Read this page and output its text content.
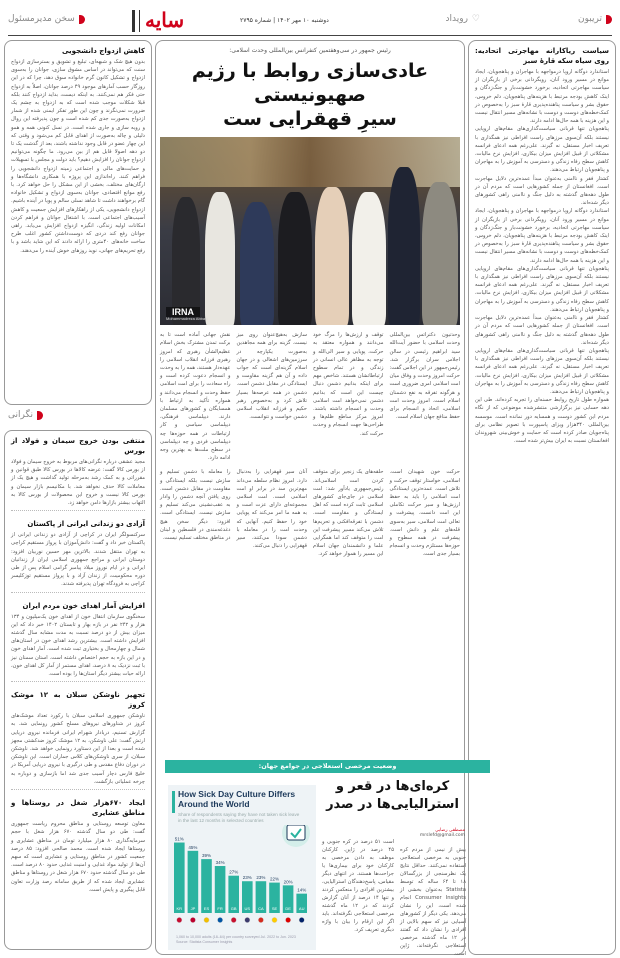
تریبون
♡
رویداد
دوشنبه ۱۰ مهر ۱۴۰۲ | شماره ۲۷۹۵
سایه
سخن مدیرمسئول
سیاست ریاکارانه مهاجرتی اتحادیه: روی سیاه سکه قارهٔ سبز

استاندارد دوگانه اروپا درمواجهه با مهاجران و پناهجویان، ایجاد موانع در مسیر ورود آنان، رویگردانی برخی از بازیگران از سیاست مهاجرتی اتحادیه، برخورد خشونت‌بار و جنگ‌زدگان و اینک کاهش بودجه مرتبط با هزینه‌های پناهجویان، دلم خروس، حقوق بشر و سیاست پناهنده‌پذیری قارهٔ سبز را به‌خصوص در کمک‌خطه‌های دوست و دوست با نشانه‌های مسیر انتقال نیست و این هزینه با همه حال‌ها ادامه دارند.

پناهجویان تنها قربانی سیاست‌گذاری‌های مقام‌های اروپایی نیستند بلکه آن‌سوی مرزهای راست افراطی نیز همگذاری با تعریف اخبار مستقل، نه گیرند. علی‌رغم همه ادعای فرانسه مشکلاتی از قبیل افزایش میزان بیکاری، افزایش نرخ مالیات، کاهش سطح رفاه زندگی و دسترسی به آموزش را به مهاجران و پناهجویان ارتباط می‌دهند.

کشتار فقر و ناامنی به‌عنوان مبدأ عمده‌ترین دلایل مهاجرت است. افغانستان از جمله کشورهایی است که مردم آن در طول دهه‌های گذشته به دلیل جنگ و ناامنی راهی کشورهای دیگر شده‌اند.

استاندارد دوگانه اروپا درمواجهه با مهاجران و پناهجویان، ایجاد موانع در مسیر ورود آنان، رویگردانی برخی از بازیگران از سیاست مهاجرتی اتحادیه، برخورد خشونت‌بار و جنگ‌زدگان و اینک کاهش بودجه مرتبط با هزینه‌های پناهجویان، دلم خروس، حقوق بشر و سیاست پناهنده‌پذیری قارهٔ سبز را به‌خصوص در کمک‌خطه‌های دوست و دوست با نشانه‌های مسیر انتقال نیست و این هزینه با همه حال‌ها ادامه دارند.

پناهجویان تنها قربانی سیاست‌گذاری‌های مقام‌های اروپایی نیستند بلکه آن‌سوی مرزهای راست افراطی نیز همگذاری با تعریف اخبار مستقل، نه گیرند. علی‌رغم همه ادعای فرانسه مشکلاتی از قبیل افزایش میزان بیکاری، افزایش نرخ مالیات، کاهش سطح رفاه زندگی و دسترسی به آموزش را به مهاجران و پناهجویان ارتباط می‌دهند.

کشتار فقر و ناامنی به‌عنوان مبدأ عمده‌ترین دلایل مهاجرت است. افغانستان از جمله کشورهایی است که مردم آن در طول دهه‌های گذشته به دلیل جنگ و ناامنی راهی کشورهای دیگر شده‌اند.

پناهجویان تنها قربانی سیاست‌گذاری‌های مقام‌های اروپایی نیستند بلکه آن‌سوی مرزهای راست افراطی نیز همگذاری با تعریف اخبار مستقل، نه گیرند. علی‌رغم همه ادعای فرانسه مشکلاتی از قبیل افزایش میزان بیکاری، افزایش نرخ مالیات، کاهش سطح رفاه زندگی و دسترسی به آموزش را به مهاجران و پناهجویان ارتباط می‌دهند.

همواره طول تاریخ روابط حسنه‌ای را تجربه کرده‌اند. طی این دهه حسابی نیز برگزارشی منتشرشده موضوعی که از نگاه مردم این کشور دوست و همسایه دور نمانده است. موسسه بین‌المللی ۳۴۰هزار ویزای پاسپورت با تصویر نظامی برای پناه‌جویان صادر کرده است که حمایت و خوش‌بینی شهروندان افغانستان نسبت به ایران بیش‌تر شده است.

رئیس جمهور در سی‌وهفتمین کنفرانس بین‌المللی وحدت اسلامی:
عادی‌سازی روابط با رژیم صهیونیستی
سیرِ قهقرایی ست
IRNA
Mohammadreza Abbasi

وحدتیون دکتراتس بین‌المللی وحدت اسلامی با حضور آیت‌الله سید ابراهیم رئیسی در سالن اجلاس سران برگزار شد. رئیس‌جمهور در این اجلاس گفت: حرکت امروز وحدت و وفاق میان امت اسلامی امری ضروری است و هرگونه تفرقه به نفع دشمنان اسلام است. امروز وحدت امت اسلامی، اتحاد و انسجام برای حفظ منافع جهان اسلام است.

توقف و ارزش‌ها را مرگ خود می‌دانند و همواره معتقد به حرکت، پویایی و سیر الی‌الله و توجه به مظاهر عالی انسانی در زندگی و در تمام سطوح ارتباطاتشان هستند. شاخص مهم برای اینکه بدانیم دشمن دنبال چیست این است که بدانیم دشمن نمی‌خواهد امت اسلامی وحدت و انسجام داشته باشند. امروز مرکز ساطع ظلم‌ها و طراحی‌ها جهت انسجام و وحدت حرکت کند.

سازش به‌هیچ‌عنوان روی میز نیست. گزینه برای همه مجاهدین به‌صورت یکپارچه در سرزمین‌های اشغالی و در جهان اسلام گزینه‌ای است که جواب داده و آن هم گزینه مقاومت و ایستادگی در مقابل دشمن است. دشمن در همه عرصه‌ها بسیار تلاش کرد و به‌خصوص رهبر حکیم و فرزانه انقلاب اسلامی دشمن خواست و نتوانست.

نقش جهانی آماده است تا به برکت تمدن مشترک بخش اسلام عظیم‌الشأن رهبری که امروز رهبری فرزانه انقلاب اسلامی را عهده‌دار هستند، همه را به وحدت و انسجام دعوت کرده است و راه سعادت را برای امت اسلامی حفظ وحدت و انسجام می‌دانند و همواره تأکید به ارتباط با همسایگان و کشورهای مسلمان دارند. دیپلماسی فرهنگی، دیپلماسی سیاسی و کار ارتباطات در همه حوزه‌ها چه دیپلماسی فردی و چه دیپلماسی در سطح ملت‌ها به بهترین وجه ادامه دارد.

حرکت خون شهیدان است. اسلامی، خواستار توقف حرکت و تلاش است. عمده‌ترین ایستادگی امت اسلامی را باید به حفظ ارزش‌ها و سیر حرکت تکاملی این امت دانست. پیشرفت و تعالی امت اسلامی، سیر به‌سوی قله‌های علم و دانش است. پیشرفت در همه سطوح و حوزه‌ها مستلزم وحدت و انسجام بسیار جدی است.

حلقه‌های یک زنجیر برای متوقف کردن امت اسلامی‌اند. رئیس‌جمهوری یادآور شد: امت اسلامی در جای‌جای کشورهای اسلامی ثابت کرده است که اهل ایستادگی و مقاومت است. دشمن با تفرقه‌افکنی و تحریم‌ها تلاش می‌کند مسیر پیشرفت این امت را متوقف کند اما همگرایی علما و دانشمندان جهان اسلام این مسیر را هموار خواهد کرد.

آنان سیر قهقرایی را به‌دنبال دارد. امروز نظام سلطه می‌داند مهم‌ترین سد در برابر او امت اسلامی است. امت اسلامی مجموعه‌ای دارای عزت است و به همه ما امر می‌کند که پویایی خود را حفظ کنیم. آنهایی که وحدت امت را در معامله با دشمن سودا می‌کنند، سیر قهقرایی را دنبال می‌کنند.

را معامله با دشمن تسلیم و سازش نیست بلکه ایستادگی و مقاومت در مقابل دشمن است. روی یافتن آنچه دشمن را وادار به عقب‌نشینی می‌کند تسلیم و سازش نیست. ایستادگی است. افزود: دیگر سخن هیچ دغدغه‌مندی در فلسطین و لبنان در مناطق مختلف تسلیم نیست.

وضعیت مرخصی استعلاجی در جوامع جهان:
کره‌ای‌ها در قعر و استرالیایی‌ها در صدر
مصطفی رضایی
mrslefd@gmail.com

بیش از نیمی از مردم کره جنوبی به مرخصی استعلاجی استفاده نمی‌کنند. حداقل نتایج یک نظرسنجی از بزرگسالان ۱۸ تا ۶۴ ساله که توسط Statista به‌عنوان بخشی از Consumer Insights انجام شده است، این را نشان می‌دهد. یکی دیگر از کشورهای آسیایی نیز که سهم بالایی از افرادی را نشان داد که گفتند در ۱۲ ماه گذشته مرخصی استعلاجی نگرفته‌اند، ژاپن است.

است ۵۱ درصد در کره جنوبی و ۴۵ درصد در ژاپن. کارکنان موظف به دادن مرخصی به کارکنان خود برای بیماری‌ها یا جراحت‌ها هستند. در انتهای دیگر مقیاس، پاسخ‌دهندگان استرالیایی، بیشترین افرادی را منعکس کردند و تنها ۱۴ درصد از آنان گزارش کردند که در ۱۲ ماه گذشته مرخصی استعلاجی نگرفته‌اند. باید اگر این ارقام را بیان با واژه دیگری تعریف کرد.

How Sick Day Culture Differs Around the World
Share of respondents saying they have not taken sick leave in the last 12 months in selected countries
51%
KR
45%
JP
39%
ES
34%
FR
27%
GB
23%
US
23%
CA
22%
SE
20%
DE
14%
AU
1,060 to 10,000 adults (18–64) per country surveyed Jul. 2022 to Jun. 2023
Source: Statista Consumer Insights
کاهش ازدواج دانشجویی

بدون هیچ شک و شبهه‌ای، تبلیغ و تشویق و بسترسازی ازدواج سنت که می‌تواند در اساس مشوق سازی، جوانان را به‌سوی ازدواج و تشکیل کانون گرم خانواده سوق دهد، چرا که در این روزگار حسب آمارهای موجود ۴۹ درصد جوانان، اصلاً به ازدواج حتی فکر هم نمی‌کنند. به اینکه دیست، بداید ازدواج کنند بلکه قبلا شکلات موجب شده است که به ازدواج به چشم یک ضرورت نمی‌نگرند و چون این طور تفکر ایمنی شده از شمار ازدواج به‌صورت جدی کم شده است و چون پذیرفته این روال و رویه سازی و جاری شده است. در نسل کنونی همه و همو دلیلی و چاله به‌صورت از اهدای قابل کم می‌شود و وقتی که این چهار عضو در قابل وجود نداشته باشند، بعد از گذشت یک تا دو دهه اصولا قابل هم از بین می‌رود. ما چگونه می‌توانیم ازدواج جوانان را افزایش دهیم؟ باید دولت و مجلس با تسهیلات و حمایت‌های مالی و اجتماعی زمینه ازدواج دانشجویی را فراهم کنند. راه‌اندازی این پروژه با همکاری دانشگاه‌ها و ارگان‌های مختلف، بخشی از این مشکل را حل خواهد کرد. با رفع موانع اقتصادی، جوانان به‌سوی ازدواج و تشکیل خانواده گام برخواهند داشت تا شاهد نسلی سالم و پویا در آینده باشیم. ازدواج دانشجویی، یکی از راهکارهای افزایش جمعیت و کاهش آسیب‌های اجتماعی است. با اشتغال جوانان و فراهم کردن امکانات اولیه زندگی، انگیزه ازدواج افزایش می‌یابد. راهی جوانان رفع کند دردی که دوست‌داشتن کشور اغلب طرح ساخت خانه‌های ۴۰متری را ارائه دادند که این شاید باشد و با رفع تحریم‌های جهانی، نوید روزهای خوش آینده را می‌دهند.

نگرانی
منتفی بودن خروج سیمان و فولاد از بورس

مجید عشقی درباره نگرانی‌های مربوط به خروج سیمان و فولاد از بورس کالا گفت: عرضه کالاها در بورس کالا طبق قوانین و مقرراتی و به کمک رشد به‌مرحله تولید گذاشت و هیچ‌ یک از معاملات کالا حذف نخواهد شد. با مکانیسم بازار سیمان و بورس کالا نیست و خروج این محصولات از بورس کالا به‌ التهاب بیشتر بازارها دامن خواهد زد.

آزادی دو زندانی ایرانی از پاکستان

سرکنسولگر ایران در کراچی از آزادی دو زندانی ایرانی از پاکستان خبر داد و گفت: دانش‌آموزان با پرواز مستقیم کراچی به تهران منتقل شدند. بالاترین مهر حسین نوربیان افزود: دوستان ایرانی و مراجع جمهوری اسلامی ایران از زندانیان ایرانی و در ایام نوروز میلاد پیامبر گرامی اسلام پس از طی دوره محکومیت، از زندان آزاد و با پرواز مستقیم توزکلیسر کراچی به فرودگاه تهران پذیرفته شدند.

افزایش آمار اهدای خون مردم ایران

سخنگوی سازمان انتقال خون از اهدای خون یک‌میلیون و ۱۳۴ هزار و ۲۴۲ نفر در بازه بهار و تابستان ۱۴۰۲ خبر داد که این میزان بیش از دو درصد نسبت به مدت مشابه سال گذشته افزایش داشته است. بیشترین رشد اهدای خون در استان‌های شمال و چهارمحال و بختیاری ثبت شده است. آمار اهدای خون و در این بازه به‌ حجم اختصاص داشته است. استان سمنان نیز با ثبت نزدیک به ۸ درصد، اهدای مستمر از آمار کل اهدای خون، ارائه حیات بیشتر دیگر استان‌ها را بوده است.

تجهیز ناوشکن سبلان به ۱۲ موشک کروز

ناوشکن جمهوری اسلامی سبلان با رکورد تعداد موشک‌های کروز در شناورهای نیروهای مسلح کشور رونمایی شد. به گزارش تسنیم، دریادار شهرام ایرانی فرمانده نیروی دریایی ارتش گفت: علی ناوشکن، به ۱۲ موشک کروز ضدکشتی مجهز شده است و بعدا از این دستاورد رونمایی خواهد شد. ناوشکن سبلان، از سری ناوشکن‌های کلاس جماران است. این ناوشکن در دوران دفاع مقدس و طی درگیری با نیروی دریایی آمریکا در خلیج فارس دچار آسیب جدی شد اما بازسازی و دوباره به چرخه عملیاتی بازگشت.

ایجاد ۶۷۰هزار شغل در روستاها و مناطق عشایری

معاون توسعه روستایی و مناطق محروم ریاست جمهوری گفت: طی دو سال گذشته ۶۷۰ هزار شغل با حجم سرمایه‌گذاری ۸۰ هزار میلیارد تومان در مناطق عشایری و روستاها ایجاد شده است. محمد صالحی افزود: ۸۵ درصد جمعیت کشور در مناطق روستایی و عشایری است که سهم آن‌ها از تولید مواد غذایی و امنیت غذایی حدود ۸۰ درصد است. طی دو سال گذشته حدود ۶۷۰ هزار شغل در روستاها و مناطق عشایری ایجاد شده که از طریق سامانه رصد وزارت تعاون قابل پیگیری و پایش است.
